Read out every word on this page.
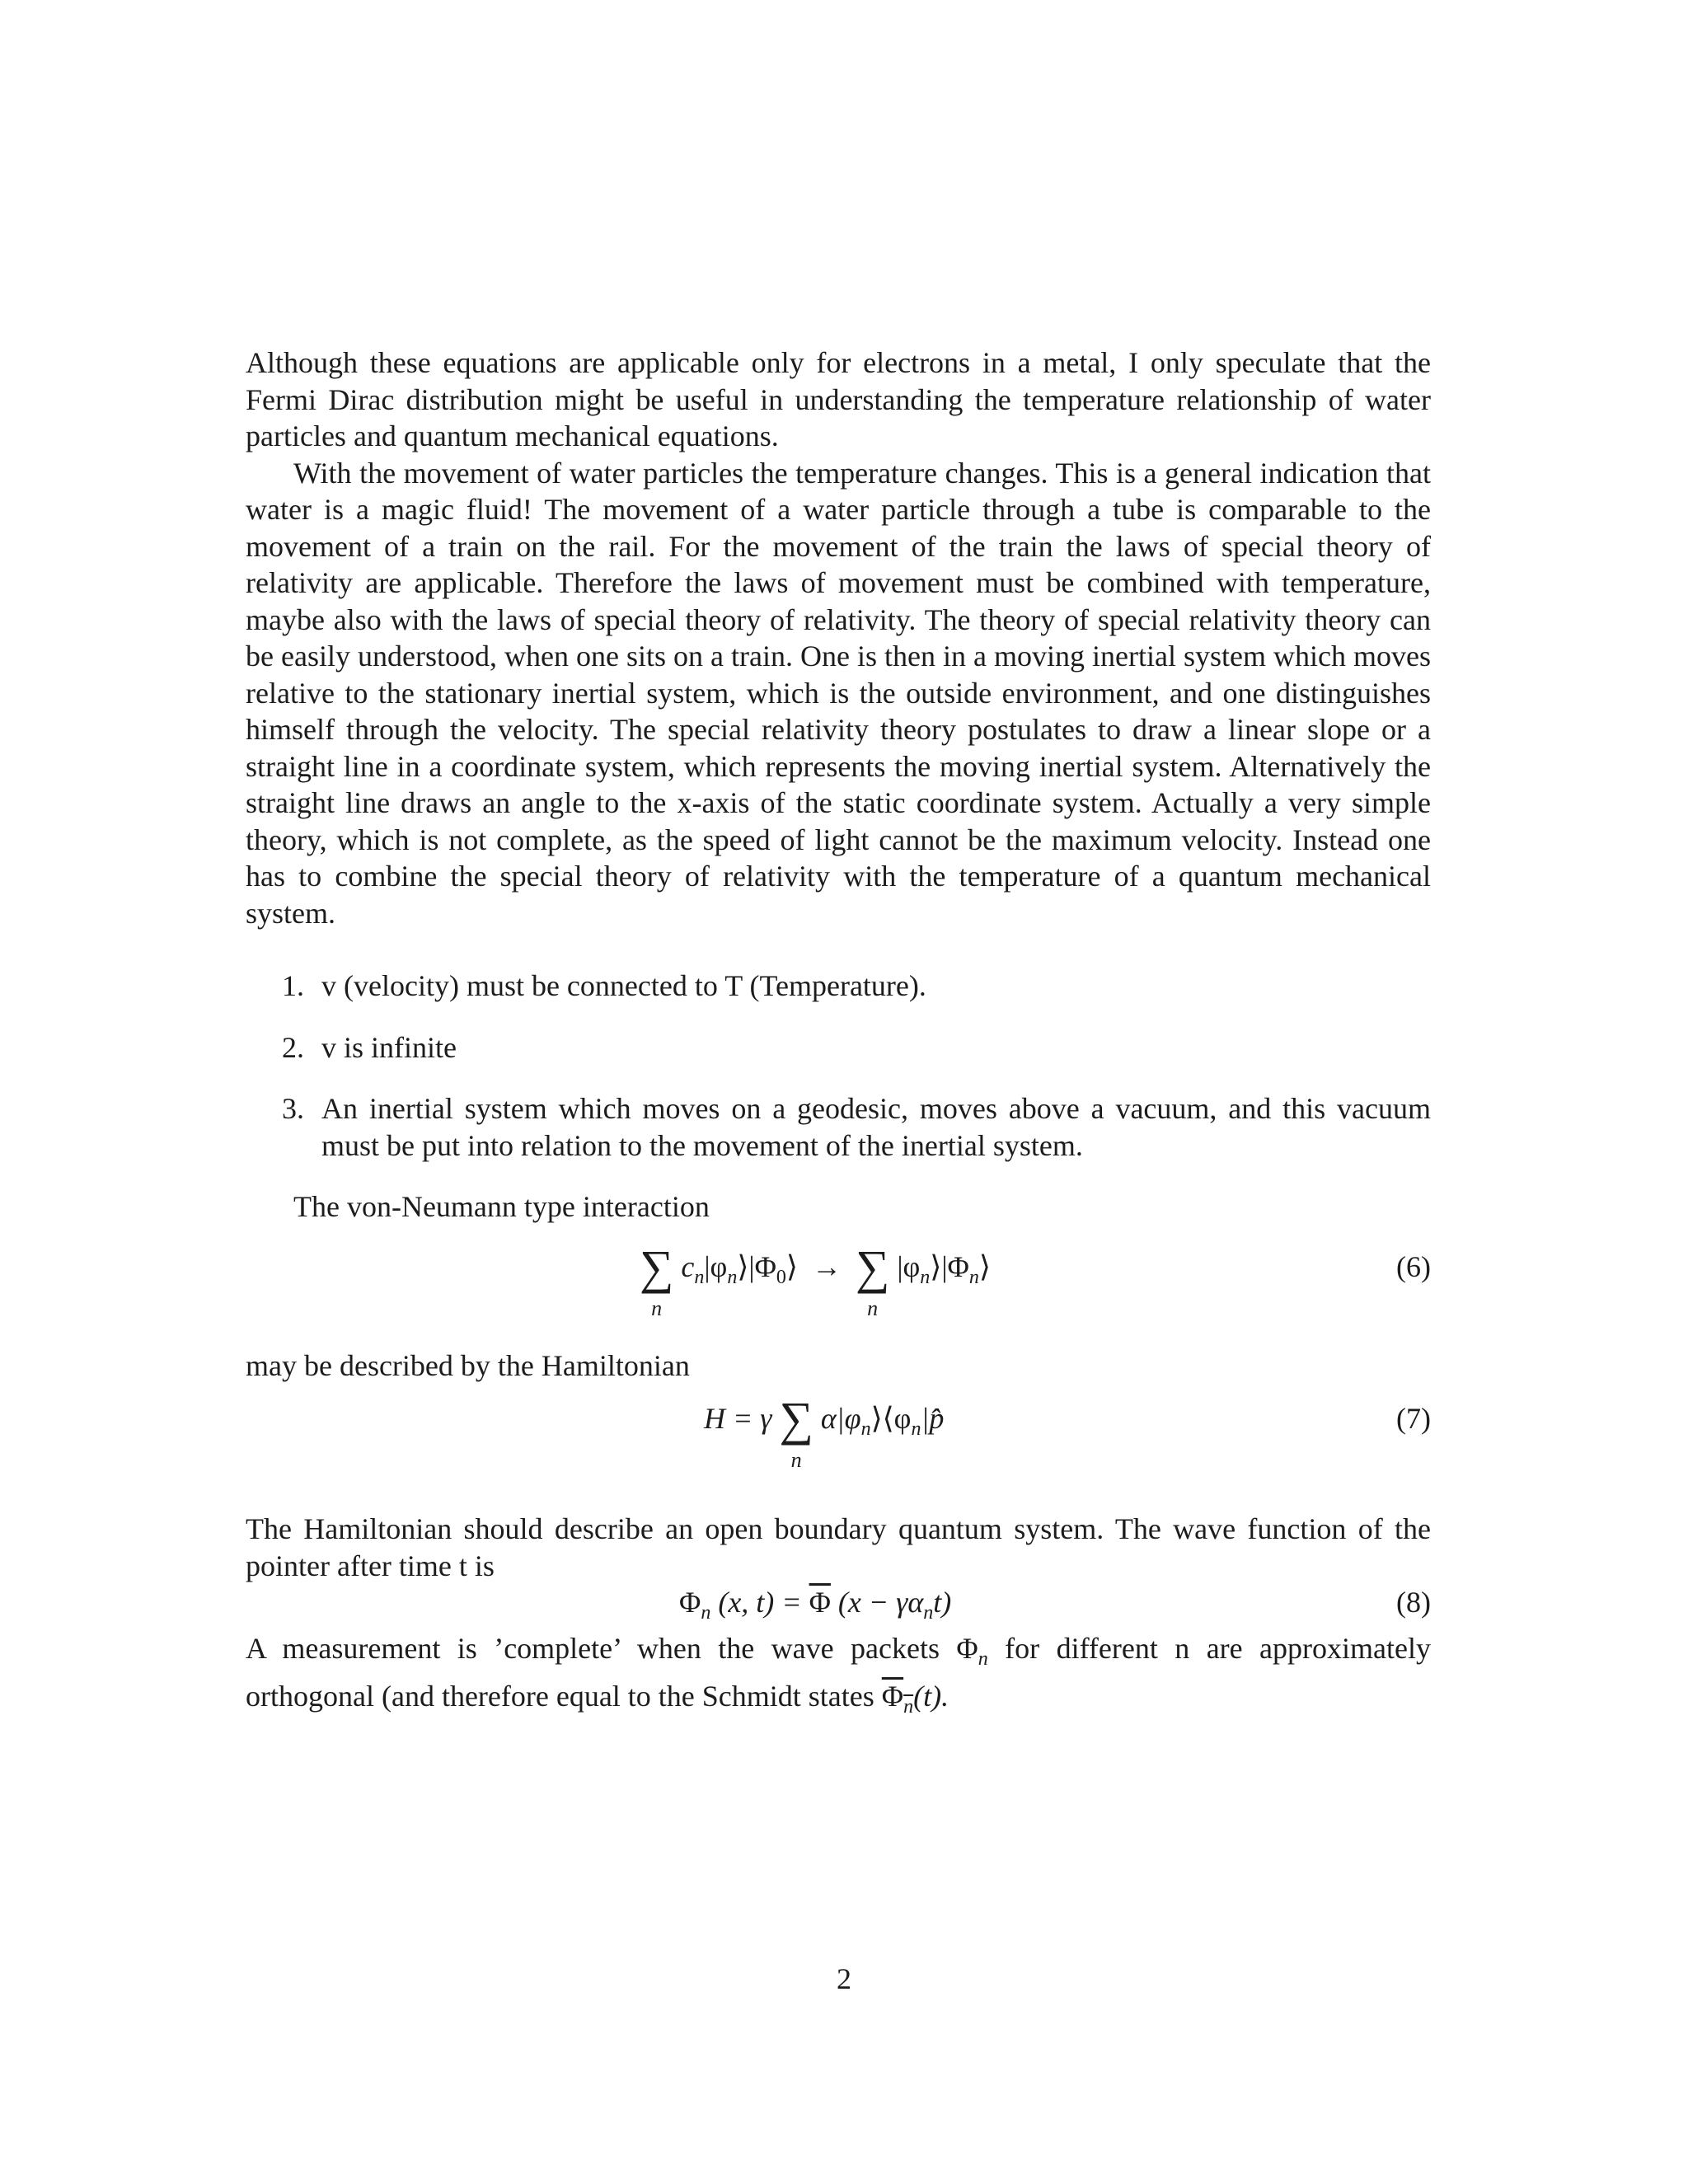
Although these equations are applicable only for electrons in a metal, I only speculate that the Fermi Dirac distribution might be useful in understanding the temperature relationship of water particles and quantum mechanical equations.

With the movement of water particles the temperature changes. This is a general indication that water is a magic fluid! The movement of a water particle through a tube is comparable to the movement of a train on the rail. For the movement of the train the laws of special theory of relativity are applicable. Therefore the laws of movement must be combined with temperature, maybe also with the laws of special theory of relativity. The theory of special relativity theory can be easily understood, when one sits on a train. One is then in a moving inertial system which moves relative to the stationary inertial system, which is the outside environment, and one distinguishes himself through the velocity. The special relativity theory postulates to draw a linear slope or a straight line in a coordinate system, which represents the moving inertial system. Alternatively the straight line draws an angle to the x-axis of the static coordinate system. Actually a very simple theory, which is not complete, as the speed of light cannot be the maximum velocity. Instead one has to combine the special theory of relativity with the temperature of a quantum mechanical system.

1. v (velocity) must be connected to T (Temperature).
2. v is infinite
3. An inertial system which moves on a geodesic, moves above a vacuum, and this vacuum must be put into relation to the movement of the inertial system.

The von-Neumann type interaction

∑
n
$c_n|\varphi_n⟩|\Phi_0⟩$ → ∑
n
$|\varphi_n⟩|\Phi_n⟩$	(6)

may be described by the Hamiltonian

H = γ ∑
n
$\alpha|\varphi_n⟩⟨\varphi_n|p̂$	(7)

The Hamiltonian should describe an open boundary quantum system. The wave function of the pointer after time t is

$\Phi_n$ (x, $t) = \overline{\Phi}$ $(x - \gamma\alpha_nt)$	(8)

A measurement is ’complete’ when the wave packets $\Phi_n$ for different n are approximately orthogonal (and therefore equal to the Schmidt states $\overline{\Phi}_{\overline{n}}(t)$.

2
